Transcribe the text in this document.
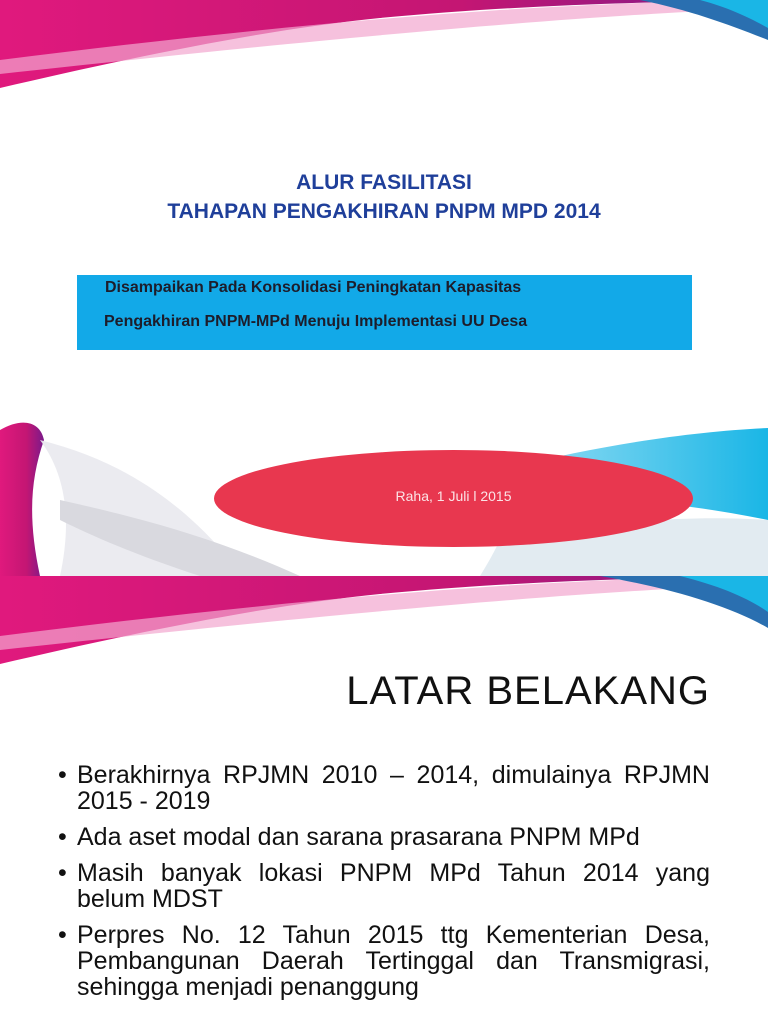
ALUR FASILITASI
TAHAPAN PENGAKHIRAN PNPM MPD 2014
Disampaikan Pada Konsolidasi Peningkatan Kapasitas
Pengakhiran PNPM-MPd Menuju Implementasi UU Desa
Raha, 1 Juli l 2015
LATAR BELAKANG
• Berakhirnya RPJMN 2010 – 2014, dimulainya RPJMN 2015 - 2019
• Ada aset modal dan sarana prasarana PNPM MPd
• Masih banyak lokasi PNPM MPd Tahun 2014 yang belum MDST
• Perpres No. 12 Tahun 2015 ttg Kementerian Desa, Pembangunan Daerah Tertinggal dan Transmigrasi, sehingga menjadi penanggung
